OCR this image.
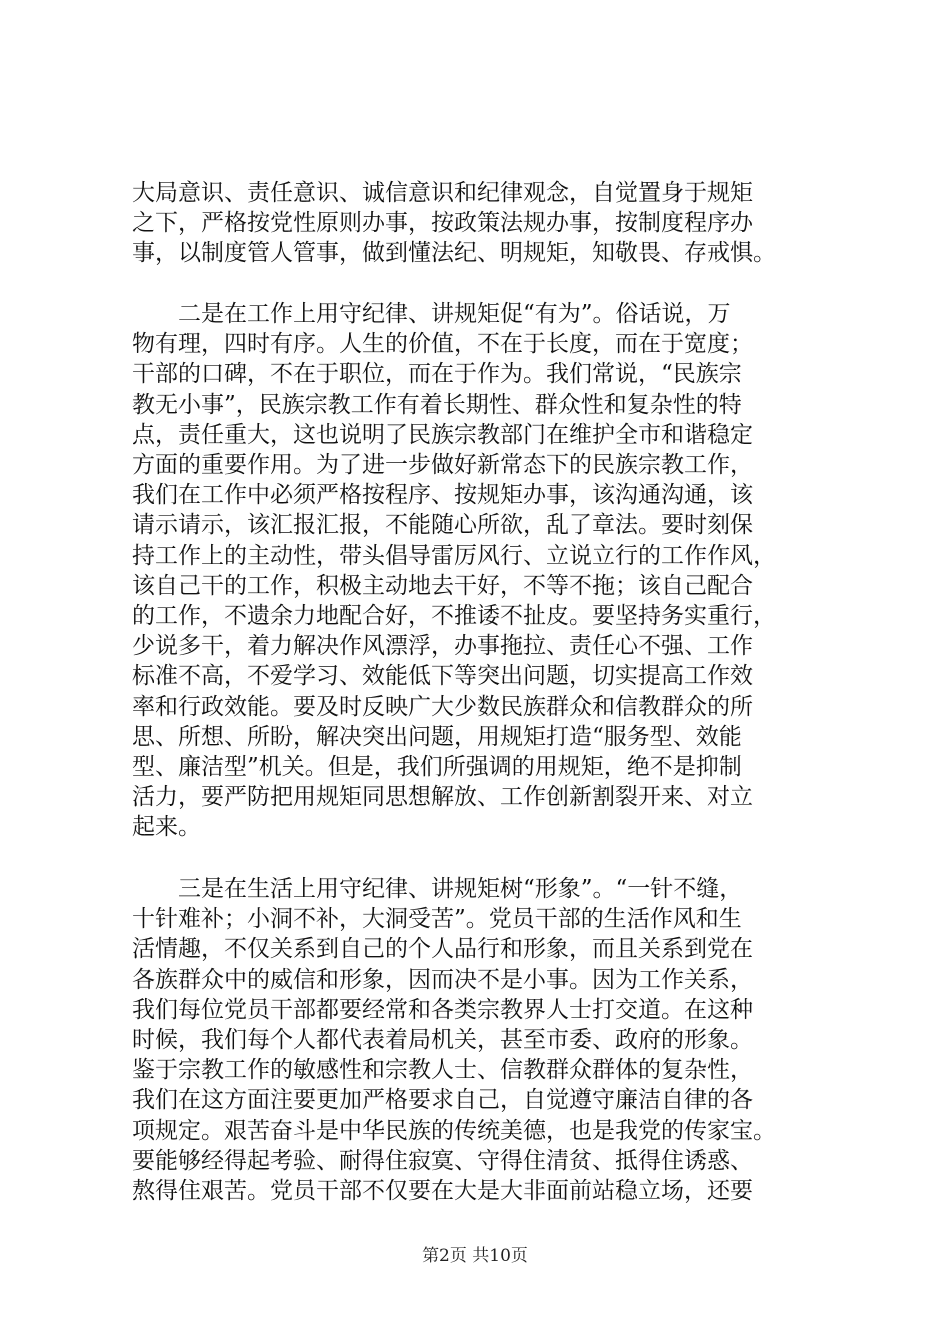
大局意识、责任意识、诚信意识和纪律观念，自觉置身于规矩
之下，严格按党性原则办事，按政策法规办事，按制度程序办
事，以制度管人管事，做到懂法纪、明规矩，知敬畏、存戒惧。

　　二是在工作上用守纪律、讲规矩促“有为”。俗话说，万
物有理，四时有序。人生的价值，不在于长度，而在于宽度；
干部的口碑，不在于职位，而在于作为。我们常说，“民族宗
教无小事”，民族宗教工作有着长期性、群众性和复杂性的特
点，责任重大，这也说明了民族宗教部门在维护全市和谐稳定
方面的重要作用。为了进一步做好新常态下的民族宗教工作，
我们在工作中必须严格按程序、按规矩办事，该沟通沟通，该
请示请示，该汇报汇报，不能随心所欲，乱了章法。要时刻保
持工作上的主动性，带头倡导雷厉风行、立说立行的工作作风，
该自己干的工作，积极主动地去干好，不等不拖；该自己配合
的工作，不遗余力地配合好，不推诿不扯皮。要坚持务实重行，
少说多干，着力解决作风漂浮，办事拖拉、责任心不强、工作
标准不高，不爱学习、效能低下等突出问题，切实提高工作效
率和行政效能。要及时反映广大少数民族群众和信教群众的所
思、所想、所盼，解决突出问题，用规矩打造“服务型、效能
型、廉洁型”机关。但是，我们所强调的用规矩，绝不是抑制
活力，要严防把用规矩同思想解放、工作创新割裂开来、对立
起来。

　　三是在生活上用守纪律、讲规矩树“形象”。“一针不缝，
十针难补；小洞不补，大洞受苦”。党员干部的生活作风和生
活情趣，不仅关系到自己的个人品行和形象，而且关系到党在
各族群众中的威信和形象，因而决不是小事。因为工作关系，
我们每位党员干部都要经常和各类宗教界人士打交道。在这种
时候，我们每个人都代表着局机关，甚至市委、政府的形象。
鉴于宗教工作的敏感性和宗教人士、信教群众群体的复杂性，
我们在这方面注要更加严格要求自己，自觉遵守廉洁自律的各
项规定。艰苦奋斗是中华民族的传统美德，也是我党的传家宝。
要能够经得起考验、耐得住寂寞、守得住清贫、抵得住诱惑、
熬得住艰苦。党员干部不仅要在大是大非面前站稳立场，还要

第2页 共10页
